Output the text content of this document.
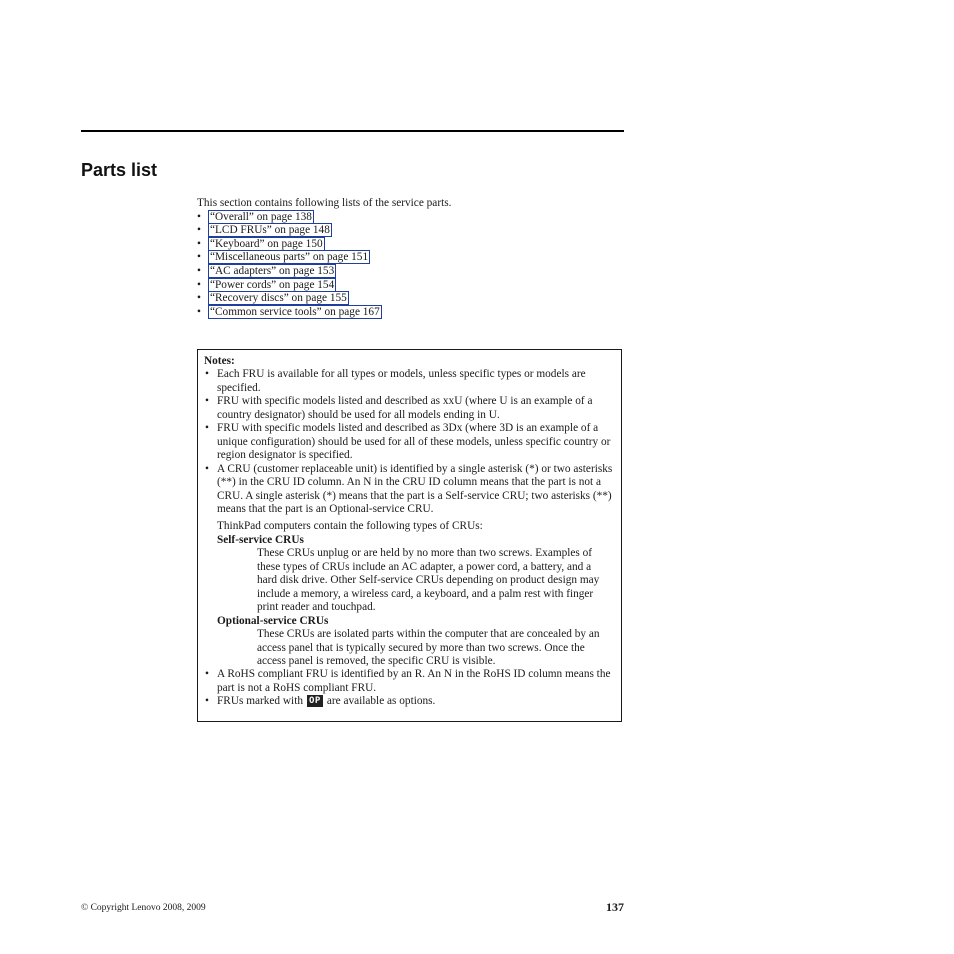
Parts list

This section contains following lists of the service parts.

• “Overall” on page 138
• “LCD FRUs” on page 148
• “Keyboard” on page 150
• “Miscellaneous parts” on page 151
• “AC adapters” on page 153
• “Power cords” on page 154
• “Recovery discs” on page 155
• “Common service tools” on page 167
Notes:
• Each FRU is available for all types or models, unless specific types or models are specified.
• FRU with specific models listed and described as xxU (where U is an example of a country designator) should be used for all models ending in U.
• FRU with specific models listed and described as 3Dx (where 3D is an example of a unique configuration) should be used for all of these models, unless specific country or region designator is specified.
• A CRU (customer replaceable unit) is identified by a single asterisk (*) or two asterisks (**) in the CRU ID column. An N in the CRU ID column means that the part is not a CRU. A single asterisk (*) means that the part is a Self-service CRU; two asterisks (**) means that the part is an Optional-service CRU.
ThinkPad computers contain the following types of CRUs:
Self-service CRUs
These CRUs unplug or are held by no more than two screws. Examples of these types of CRUs include an AC adapter, a power cord, a battery, and a hard disk drive. Other Self-service CRUs depending on product design may include a memory, a wireless card, a keyboard, and a palm rest with finger print reader and touchpad.
Optional-service CRUs
These CRUs are isolated parts within the computer that are concealed by an access panel that is typically secured by more than two screws. Once the access panel is removed, the specific CRU is visible.
• A RoHS compliant FRU is identified by an R. An N in the RoHS ID column means the part is not a RoHS compliant FRU.
• FRUs marked with OP are available as options.
© Copyright Lenovo 2008, 2009	137
